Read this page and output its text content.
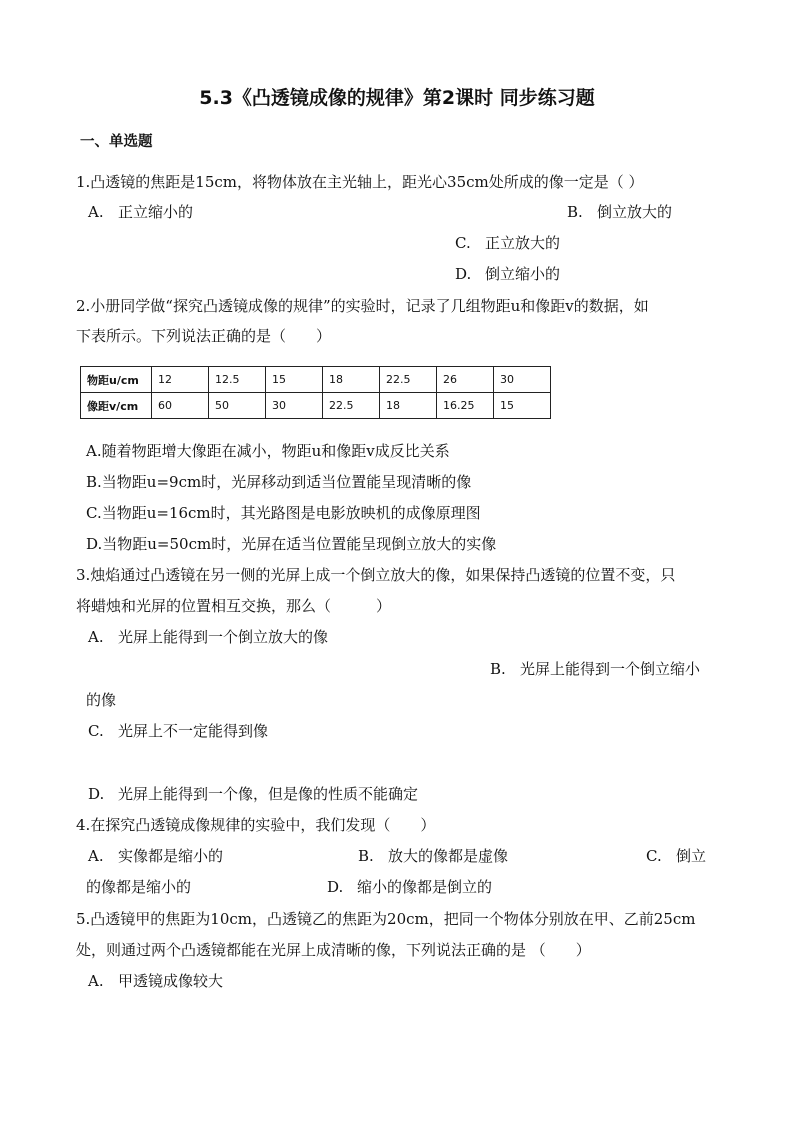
5.3《凸透镜成像的规律》第2课时 同步练习题
一、单选题
1.凸透镜的焦距是15cm，将物体放在主光轴上，距光心35cm处所成的像一定是（ ）
A. 正立缩小的	B. 倒立放大的
C. 正立放大的
D. 倒立缩小的
2.小册同学做“探究凸透镜成像的规律”的实验时，记录了几组物距u和像距v的数据，如
下表所示。下列说法正确的是（　　）
物距u/cm	12	12.5	15	18	22.5	26	30
像距v/cm	60	50	30	22.5	18	16.25	15
A.随着物距增大像距在减小，物距u和像距v成反比关系
B.当物距u=9cm时，光屏移动到适当位置能呈现清晰的像
C.当物距u=16cm时，其光路图是电影放映机的成像原理图
D.当物距u=50cm时，光屏在适当位置能呈现倒立放大的实像
3.烛焰通过凸透镜在另一侧的光屏上成一个倒立放大的像，如果保持凸透镜的位置不变，只
将蜡烛和光屏的位置相互交换，那么（　　　）
A. 光屏上能得到一个倒立放大的像
B. 光屏上能得到一个倒立缩小
的像
C. 光屏上不一定能得到像
D. 光屏上能得到一个像，但是像的性质不能确定
4.在探究凸透镜成像规律的实验中，我们发现（　　）
A. 实像都是缩小的	B. 放大的像都是虚像	C. 倒立
的像都是缩小的	D. 缩小的像都是倒立的
5.凸透镜甲的焦距为10cm，凸透镜乙的焦距为20cm，把同一个物体分别放在甲、乙前25cm
处，则通过两个凸透镜都能在光屏上成清晰的像，下列说法正确的是 （　　）
A. 甲透镜成像较大
